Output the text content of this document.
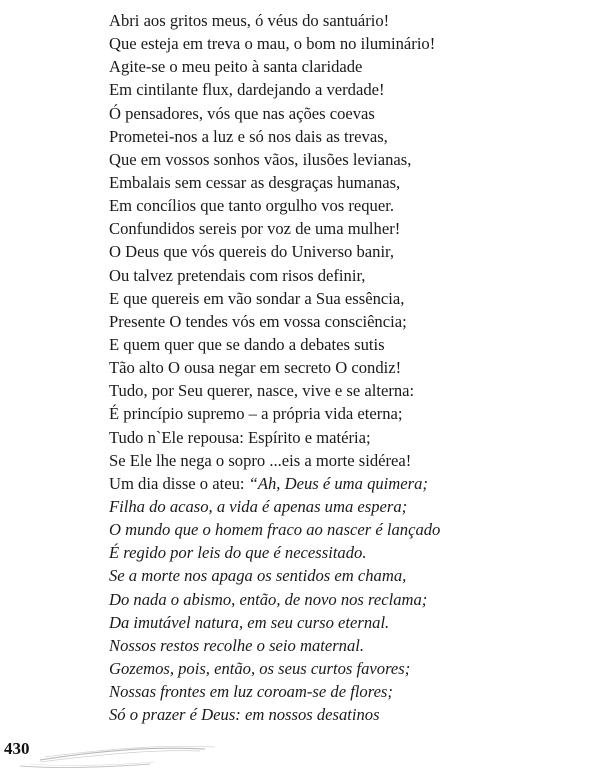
Abri aos gritos meus, ó véus do santuário!
Que esteja em treva o mau, o bom no iluminário!
Agite-se o meu peito à santa claridade
Em cintilante flux, dardejando a verdade!
Ó pensadores, vós que nas ações coevas
Prometei-nos a luz e só nos dais as trevas,
Que em vossos sonhos vãos, ilusões levianas,
Embalais sem cessar as desgraças humanas,
Em concílios que tanto orgulho vos requer.
Confundidos sereis por voz de uma mulher!
O Deus que vós quereis do Universo banir,
Ou talvez pretendais com risos definir,
E que quereis em vão sondar a Sua essência,
Presente O tendes vós em vossa consciência;
E quem quer que se dando a debates sutis
Tão alto O ousa negar em secreto O condiz!
Tudo, por Seu querer, nasce, vive e se alterna:
É princípio supremo – a própria vida eterna;
Tudo n`Ele repousa: Espírito e matéria;
Se Ele lhe nega o sopro ...eis a morte sidérea!
Um dia disse o ateu: “Ah, Deus é uma quimera;
Filha do acaso, a vida é apenas uma espera;
O mundo que o homem fraco ao nascer é lançado
É regido por leis do que é necessitado.
Se a morte nos apaga os sentidos em chama,
Do nada o abismo, então, de novo nos reclama;
Da imutável natura, em seu curso eternal.
Nossos restos recolhe o seio maternal.
Gozemos, pois, então, os seus curtos favores;
Nossas frontes em luz coroam-se de flores;
Só o prazer é Deus: em nossos desatinos
430
